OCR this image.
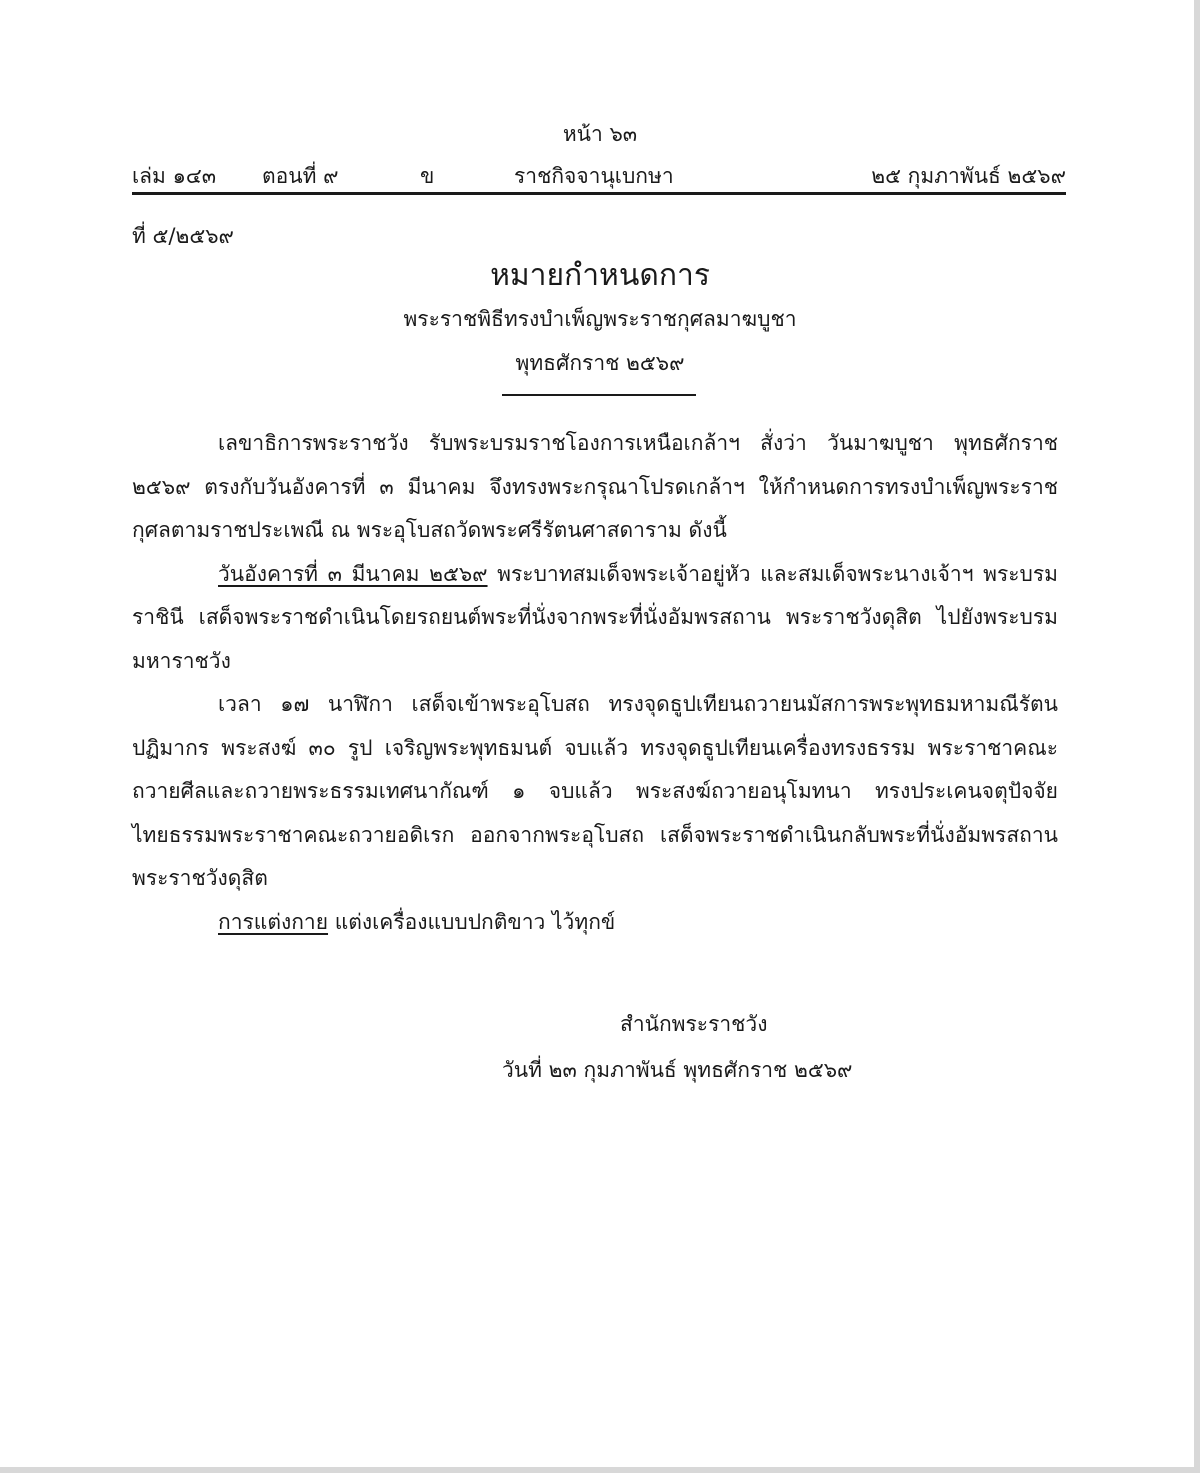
หน้า ๖๓
เล่ม ๑๔๓ ตอนที่ ๙	ข	ราชกิจจานุเบกษา	๒๕ กุมภาพันธ์ ๒๕๖๙
ที่ ๕/๒๕๖๙
หมายกำหนดการ
พระราชพิธีทรงบำเพ็ญพระราชกุศลมาฆบูชา
พุทธศักราช ๒๕๖๙

เลขาธิการพระราชวัง รับพระบรมราชโองการเหนือเกล้าฯ สั่งว่า วันมาฆบูชา พุทธศักราช ๒๕๖๙ ตรงกับวันอังคารที่ ๓ มีนาคม จึงทรงพระกรุณาโปรดเกล้าฯ ให้กำหนดการทรงบำเพ็ญพระราชกุศลตามราชประเพณี ณ พระอุโบสถวัดพระศรีรัตนศาสดาราม ดังนี้

วันอังคารที่ ๓ มีนาคม ๒๕๖๙ พระบาทสมเด็จพระเจ้าอยู่หัว และสมเด็จพระนางเจ้าฯ พระบรมราชินี เสด็จพระราชดำเนินโดยรถยนต์พระที่นั่งจากพระที่นั่งอัมพรสถาน พระราชวังดุสิต ไปยังพระบรมมหาราชวัง

เวลา ๑๗ นาฬิกา เสด็จเข้าพระอุโบสถ ทรงจุดธูปเทียนถวายนมัสการพระพุทธมหามณีรัตนปฏิมากร พระสงฆ์ ๓๐ รูป เจริญพระพุทธมนต์ จบแล้ว ทรงจุดธูปเทียนเครื่องทรงธรรม พระราชาคณะถวายศีลและถวายพระธรรมเทศนากัณฑ์ ๑ จบแล้ว พระสงฆ์ถวายอนุโมทนา ทรงประเคนจตุปัจจัยไทยธรรมพระราชาคณะถวายอดิเรก ออกจากพระอุโบสถ เสด็จพระราชดำเนินกลับพระที่นั่งอัมพรสถาน พระราชวังดุสิต

การแต่งกาย แต่งเครื่องแบบปกติขาว ไว้ทุกข์

สำนักพระราชวัง
วันที่ ๒๓ กุมภาพันธ์ พุทธศักราช ๒๕๖๙
